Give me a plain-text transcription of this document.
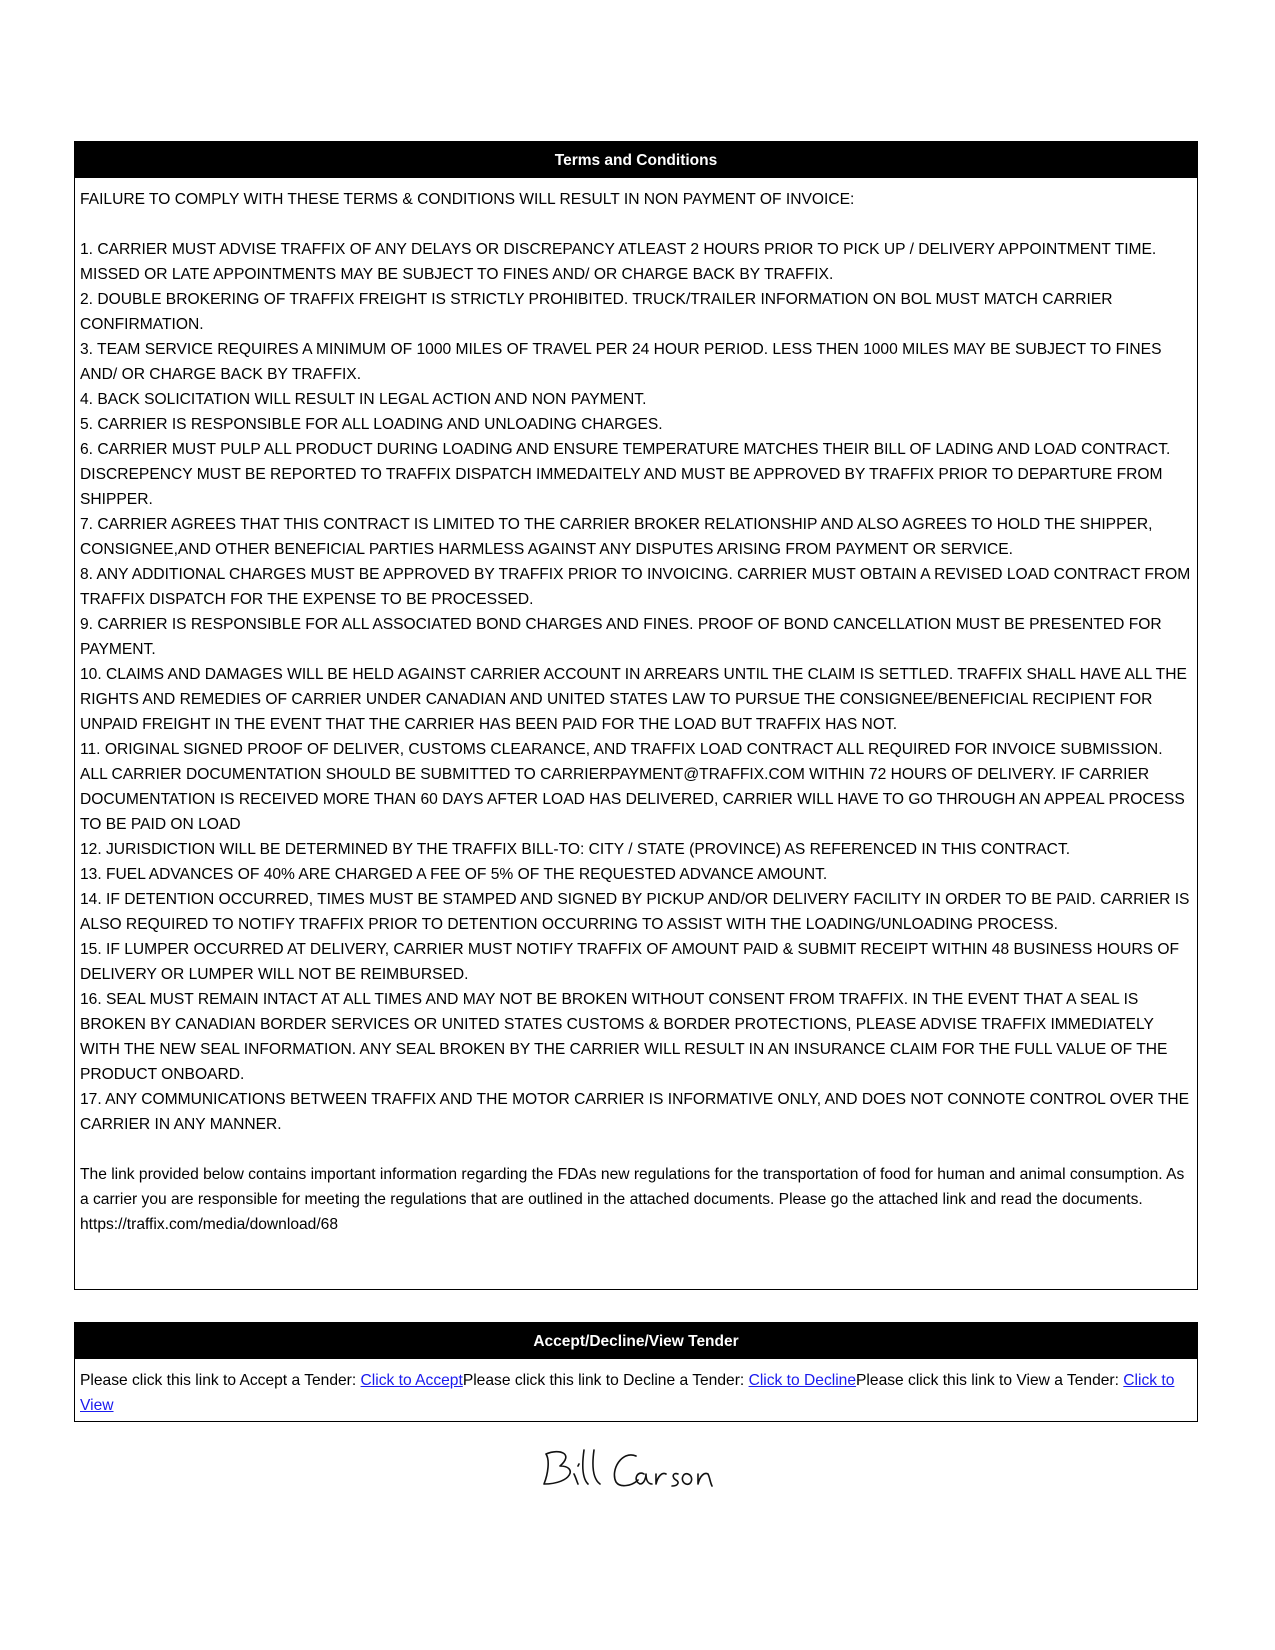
Terms and Conditions

FAILURE TO COMPLY WITH THESE TERMS & CONDITIONS WILL RESULT IN NON PAYMENT OF INVOICE:

1. CARRIER MUST ADVISE TRAFFIX OF ANY DELAYS OR DISCREPANCY ATLEAST 2 HOURS PRIOR TO PICK UP / DELIVERY APPOINTMENT TIME. MISSED OR LATE APPOINTMENTS MAY BE SUBJECT TO FINES AND/ OR CHARGE BACK BY TRAFFIX.

2. DOUBLE BROKERING OF TRAFFIX FREIGHT IS STRICTLY PROHIBITED. TRUCK/TRAILER INFORMATION ON BOL MUST MATCH CARRIER CONFIRMATION.

3. TEAM SERVICE REQUIRES A MINIMUM OF 1000 MILES OF TRAVEL PER 24 HOUR PERIOD. LESS THEN 1000 MILES MAY BE SUBJECT TO FINES AND/ OR CHARGE BACK BY TRAFFIX.

4. BACK SOLICITATION WILL RESULT IN LEGAL ACTION AND NON PAYMENT.

5. CARRIER IS RESPONSIBLE FOR ALL LOADING AND UNLOADING CHARGES.

6. CARRIER MUST PULP ALL PRODUCT DURING LOADING AND ENSURE TEMPERATURE MATCHES THEIR BILL OF LADING AND LOAD CONTRACT. DISCREPENCY MUST BE REPORTED TO TRAFFIX DISPATCH IMMEDAITELY AND MUST BE APPROVED BY TRAFFIX PRIOR TO DEPARTURE FROM SHIPPER.

7. CARRIER AGREES THAT THIS CONTRACT IS LIMITED TO THE CARRIER BROKER RELATIONSHIP AND ALSO AGREES TO HOLD THE SHIPPER, CONSIGNEE,AND OTHER BENEFICIAL PARTIES HARMLESS AGAINST ANY DISPUTES ARISING FROM PAYMENT OR SERVICE.

8. ANY ADDITIONAL CHARGES MUST BE APPROVED BY TRAFFIX PRIOR TO INVOICING. CARRIER MUST OBTAIN A REVISED LOAD CONTRACT FROM TRAFFIX DISPATCH FOR THE EXPENSE TO BE PROCESSED.

9. CARRIER IS RESPONSIBLE FOR ALL ASSOCIATED BOND CHARGES AND FINES. PROOF OF BOND CANCELLATION MUST BE PRESENTED FOR PAYMENT.

10. CLAIMS AND DAMAGES WILL BE HELD AGAINST CARRIER ACCOUNT IN ARREARS UNTIL THE CLAIM IS SETTLED. TRAFFIX SHALL HAVE ALL THE RIGHTS AND REMEDIES OF CARRIER UNDER CANADIAN AND UNITED STATES LAW TO PURSUE THE CONSIGNEE/BENEFICIAL RECIPIENT FOR UNPAID FREIGHT IN THE EVENT THAT THE CARRIER HAS BEEN PAID FOR THE LOAD BUT TRAFFIX HAS NOT.

11. ORIGINAL SIGNED PROOF OF DELIVER, CUSTOMS CLEARANCE, AND TRAFFIX LOAD CONTRACT ALL REQUIRED FOR INVOICE SUBMISSION. ALL CARRIER DOCUMENTATION SHOULD BE SUBMITTED TO CARRIERPAYMENT@TRAFFIX.COM WITHIN 72 HOURS OF DELIVERY. IF CARRIER DOCUMENTATION IS RECEIVED MORE THAN 60 DAYS AFTER LOAD HAS DELIVERED, CARRIER WILL HAVE TO GO THROUGH AN APPEAL PROCESS TO BE PAID ON LOAD

12. JURISDICTION WILL BE DETERMINED BY THE TRAFFIX BILL-TO: CITY / STATE (PROVINCE) AS REFERENCED IN THIS CONTRACT.

13. FUEL ADVANCES OF 40% ARE CHARGED A FEE OF 5% OF THE REQUESTED ADVANCE AMOUNT.

14. IF DETENTION OCCURRED, TIMES MUST BE STAMPED AND SIGNED BY PICKUP AND/OR DELIVERY FACILITY IN ORDER TO BE PAID. CARRIER IS ALSO REQUIRED TO NOTIFY TRAFFIX PRIOR TO DETENTION OCCURRING TO ASSIST WITH THE LOADING/UNLOADING PROCESS.

15. IF LUMPER OCCURRED AT DELIVERY, CARRIER MUST NOTIFY TRAFFIX OF AMOUNT PAID & SUBMIT RECEIPT WITHIN 48 BUSINESS HOURS OF DELIVERY OR LUMPER WILL NOT BE REIMBURSED.

16. SEAL MUST REMAIN INTACT AT ALL TIMES AND MAY NOT BE BROKEN WITHOUT CONSENT FROM TRAFFIX. IN THE EVENT THAT A SEAL IS BROKEN BY CANADIAN BORDER SERVICES OR UNITED STATES CUSTOMS & BORDER PROTECTIONS, PLEASE ADVISE TRAFFIX IMMEDIATELY WITH THE NEW SEAL INFORMATION. ANY SEAL BROKEN BY THE CARRIER WILL RESULT IN AN INSURANCE CLAIM FOR THE FULL VALUE OF THE PRODUCT ONBOARD.

17. ANY COMMUNICATIONS BETWEEN TRAFFIX AND THE MOTOR CARRIER IS INFORMATIVE ONLY, AND DOES NOT CONNOTE CONTROL OVER THE CARRIER IN ANY MANNER.

The link provided below contains important information regarding the FDAs new regulations for the transportation of food for human and animal consumption. As a carrier you are responsible for meeting the regulations that are outlined in the attached documents. Please go the attached link and read the documents. https://traffix.com/media/download/68

Accept/Decline/View Tender
Please click this link to Accept a Tender: Click to AcceptPlease click this link to Decline a Tender: Click to DeclinePlease click this link to View a Tender: Click to View
